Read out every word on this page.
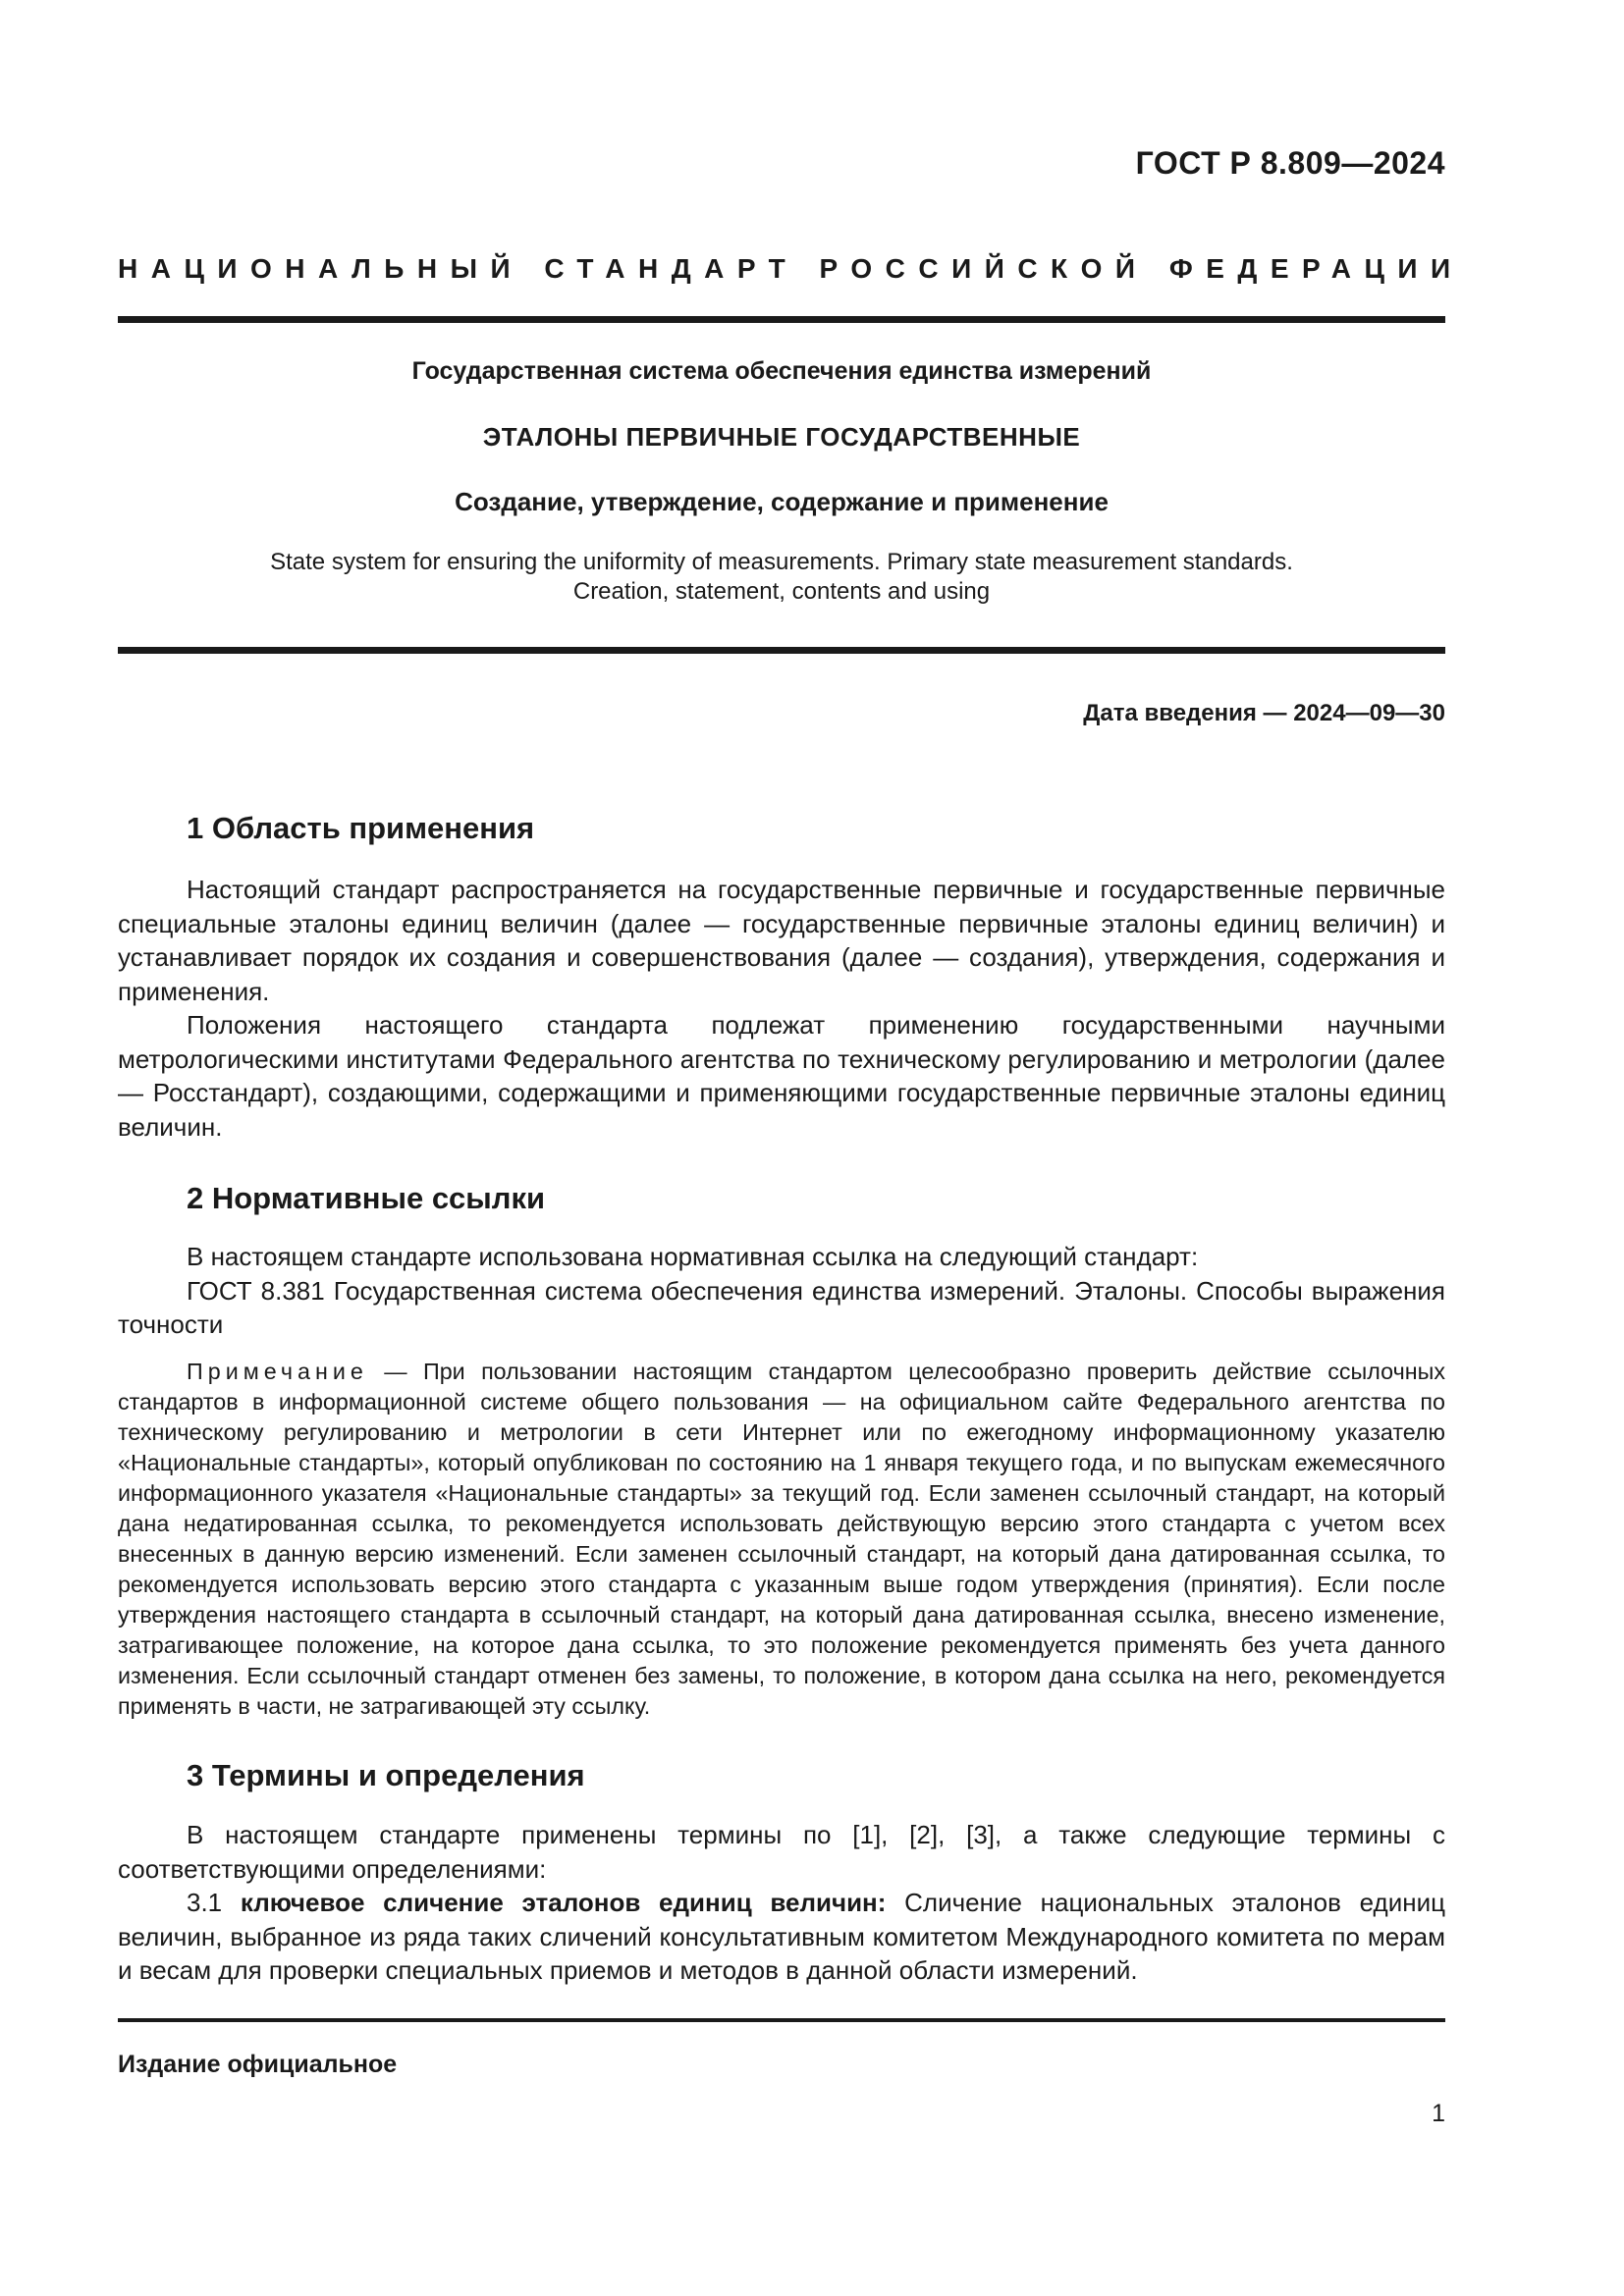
ГОСТ Р 8.809—2024
НАЦИОНАЛЬНЫЙ СТАНДАРТ РОССИЙСКОЙ ФЕДЕРАЦИИ
Государственная система обеспечения единства измерений
ЭТАЛОНЫ ПЕРВИЧНЫЕ ГОСУДАРСТВЕННЫЕ
Создание, утверждение, содержание и применение
State system for ensuring the uniformity of measurements. Primary state measurement standards.
Creation, statement, contents and using
Дата введения — 2024—09—30
1 Область применения

Настоящий стандарт распространяется на государственные первичные и государственные первичные специальные эталоны единиц величин (далее — государственные первичные эталоны единиц величин) и устанавливает порядок их создания и совершенствования (далее — создания), утверждения, содержания и применения.

Положения настоящего стандарта подлежат применению государственными научными метрологическими институтами Федерального агентства по техническому регулированию и метрологии (далее — Росстандарт), создающими, содержащими и применяющими государственные первичные эталоны единиц величин.

2 Нормативные ссылки

В настоящем стандарте использована нормативная ссылка на следующий стандарт:

ГОСТ 8.381 Государственная система обеспечения единства измерений. Эталоны. Способы выражения точности

Примечание — При пользовании настоящим стандартом целесообразно проверить действие ссылочных стандартов в информационной системе общего пользования — на официальном сайте Федерального агентства по техническому регулированию и метрологии в сети Интернет или по ежегодному информационному указателю «Национальные стандарты», который опубликован по состоянию на 1 января текущего года, и по выпускам ежемесячного информационного указателя «Национальные стандарты» за текущий год. Если заменен ссылочный стандарт, на который дана недатированная ссылка, то рекомендуется использовать действующую версию этого стандарта с учетом всех внесенных в данную версию изменений. Если заменен ссылочный стандарт, на который дана датированная ссылка, то рекомендуется использовать версию этого стандарта с указанным выше годом утверждения (принятия). Если после утверждения настоящего стандарта в ссылочный стандарт, на который дана датированная ссылка, внесено изменение, затрагивающее положение, на которое дана ссылка, то это положение рекомендуется применять без учета данного изменения. Если ссылочный стандарт отменен без замены, то положение, в котором дана ссылка на него, рекомендуется применять в части, не затрагивающей эту ссылку.

3 Термины и определения

В настоящем стандарте применены термины по [1], [2], [3], а также следующие термины с соответствующими определениями:

3.1 ключевое сличение эталонов единиц величин: Сличение национальных эталонов единиц величин, выбранное из ряда таких сличений консультативным комитетом Международного комитета по мерам и весам для проверки специальных приемов и методов в данной области измерений.

Издание официальное
1
